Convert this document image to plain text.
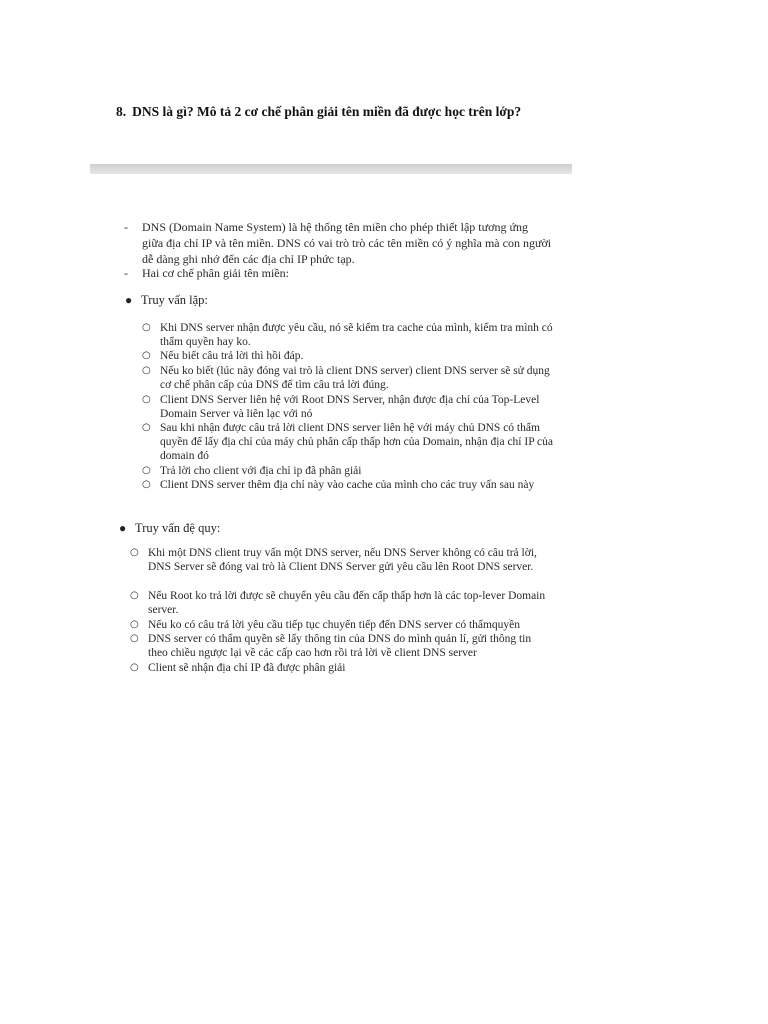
8. DNS là gì? Mô tả 2 cơ chế phân giải tên miền đã được học trên lớp?
- DNS (Domain Name System) là hệ thống tên miền cho phép thiết lập tương ứng giữa địa chỉ IP và tên miền. DNS có vai trò trò các tên miền có ý nghĩa mà con người dễ dàng ghi nhớ đến các địa chỉ IP phức tạp.
- Hai cơ chế phân giải tên miền:
● Truy vấn lặp:
○ Khi DNS server nhận được yêu cầu, nó sẽ kiểm tra cache của mình, kiểm tra mình có thẩm quyền hay ko.
○ Nếu biết câu trả lời thì hồi đáp.
○ Nếu ko biết (lúc này đóng vai trò là client DNS server) client DNS server sẽ sử dụng cơ chế phân cấp của DNS để tìm câu trả lời đúng.
○ Client DNS Server liên hệ với Root DNS Server, nhận được địa chỉ của Top-Level Domain Server và liên lạc với nó
○ Sau khi nhận được câu trả lời client DNS server liên hệ với máy chủ DNS có thẩm quyền để lấy địa chỉ của máy chủ phân cấp thấp hơn của Domain, nhận địa chỉ IP của domain đó
○ Trả lời cho client với địa chỉ ip đã phân giải
○ Client DNS server thêm địa chỉ này vào cache của mình cho các truy vấn sau này
● Truy vấn đệ quy:
○ Khi một DNS client truy vấn một DNS server, nếu DNS Server không có câu trả lời, DNS Server sẽ đóng vai trò là Client DNS Server gửi yêu cầu lên Root DNS server.
○ Nếu Root ko trả lời được sẽ chuyển yêu cầu đến cấp thấp hơn là các top-lever Domain server.
○ Nếu ko có câu trả lời yêu cầu tiếp tục chuyển tiếp đến DNS server có thẩmquyền
○ DNS server có thẩm quyền sẽ lấy thông tin của DNS do mình quản lí, gửi thông tin theo chiều ngược lại về các cấp cao hơn rồi trả lời về client DNS server
○ Client sẽ nhận địa chỉ IP đã được phân giải
